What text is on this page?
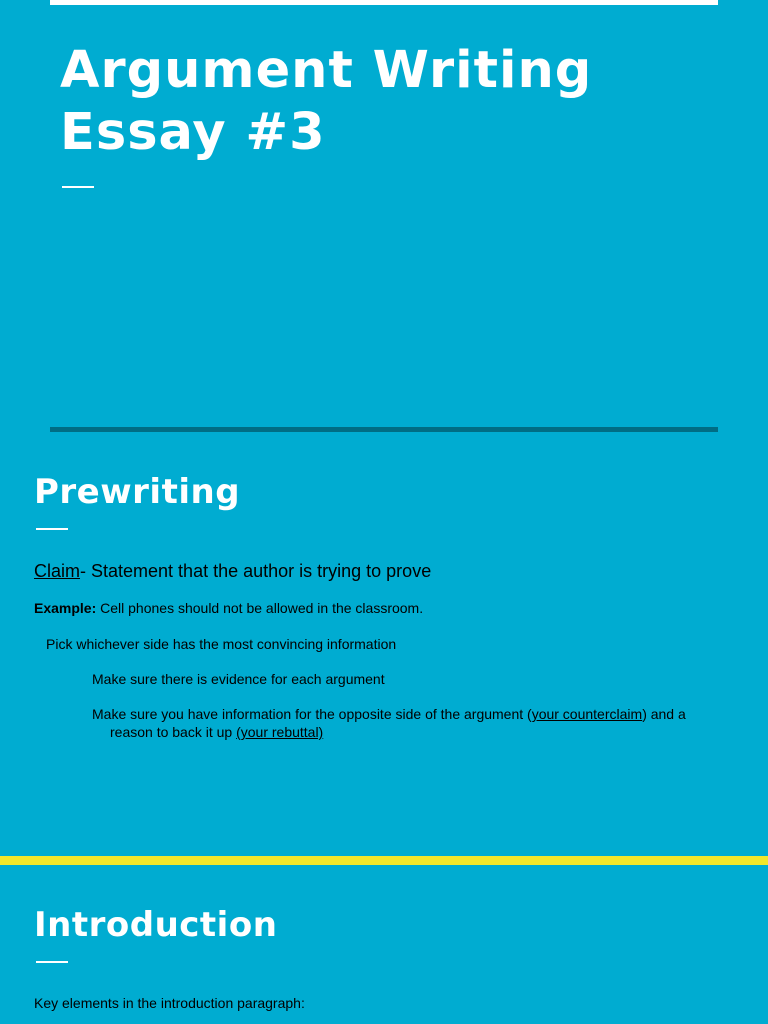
Argument Writing Essay #3
Prewriting
Claim- Statement that the author is trying to prove
Example: Cell phones should not be allowed in the classroom.
Pick whichever side has the most convincing information
Make sure there is evidence for each argument
Make sure you have information for the opposite side of the argument (your counterclaim) and a
reason to back it up (your rebuttal)
Introduction
Key elements in the introduction paragraph:
